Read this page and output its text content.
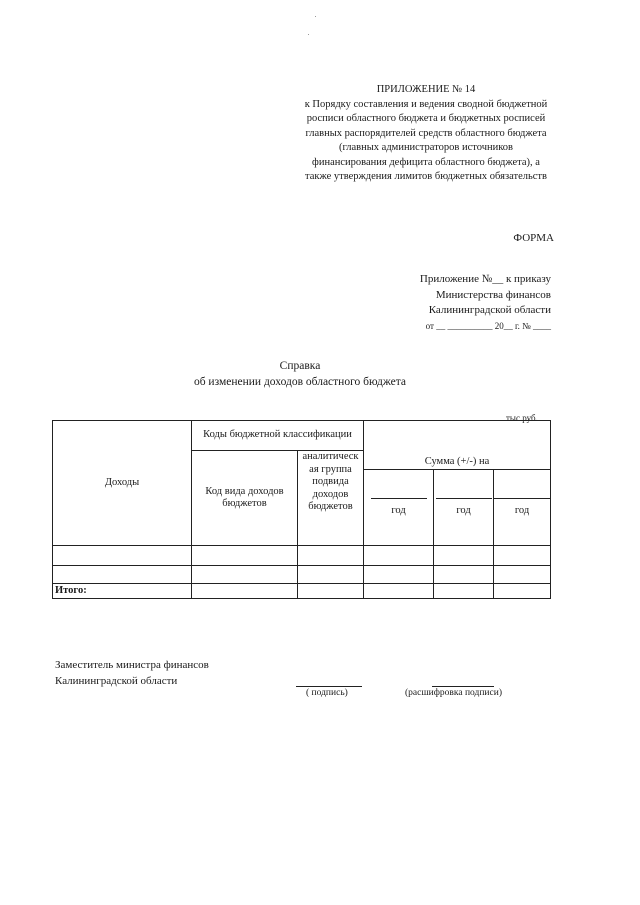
ПРИЛОЖЕНИЕ № 14
к Порядку составления и ведения сводной бюджетной
росписи областного бюджета и бюджетных росписей
главных распорядителей средств областного бюджета
(главных администраторов источников
финансирования дефицита областного бюджета), а
также утверждения лимитов бюджетных обязательств
ФОРМА
Приложение №__ к приказу
Министерства финансов
Калининградской области
от __ __________ 20__ г. № ____
Справка
об изменении доходов областного бюджета
тыс.руб.
Доходы	Коды бюджетной классификации		Сумма (+/-) на		
	Код вида доходов бюджетов	аналитическ ая группа подвида доходов бюджетов			

год	год	год

Итого:					
Заместитель министра финансов
Калининградской области
( подпись)	(расшифровка подписи)
